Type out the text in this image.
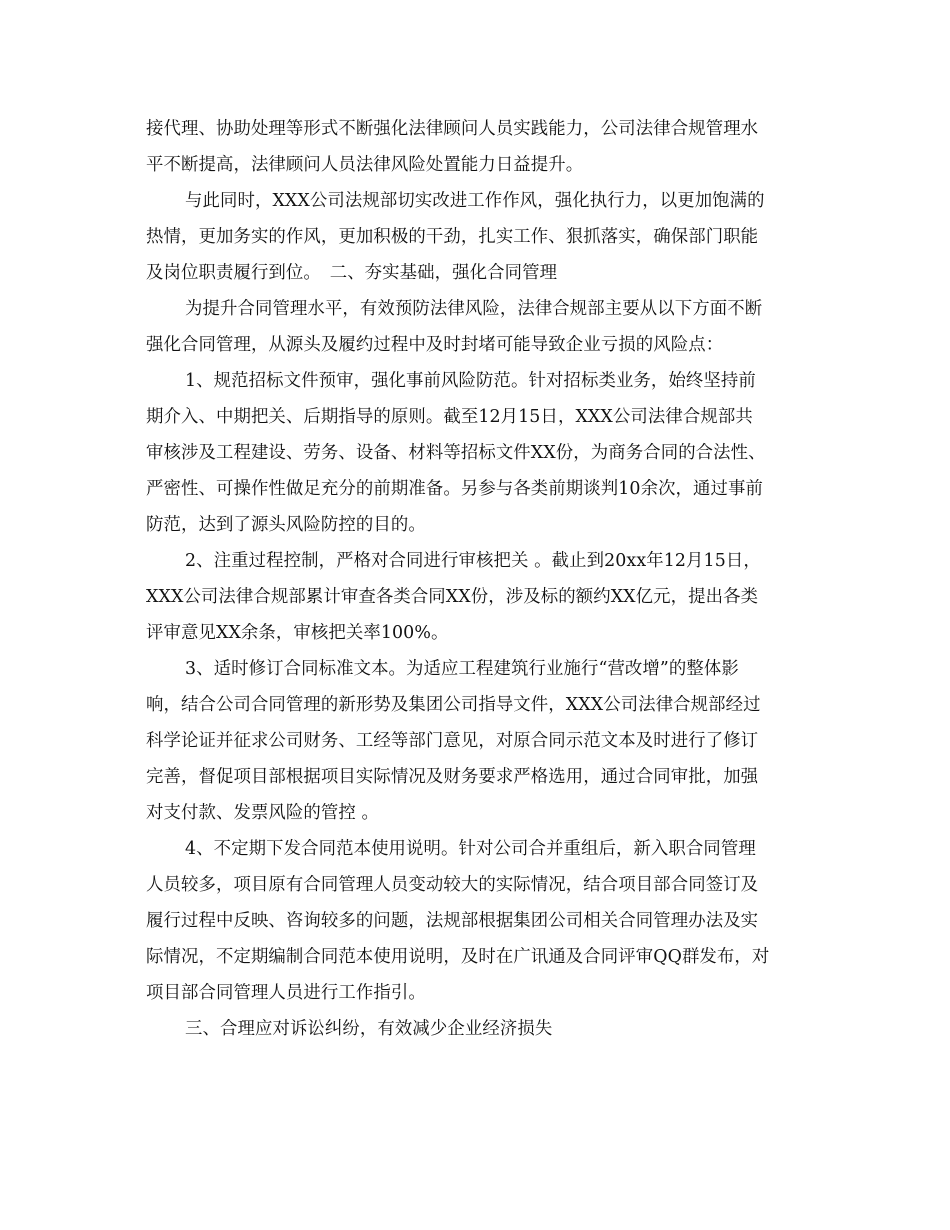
接代理、协助处理等形式不断强化法律顾问人员实践能力，公司法律合规管理水
平不断提高，法律顾问人员法律风险处置能力日益提升。
与此同时，XXX公司法规部切实改进工作作风，强化执行力，以更加饱满的
热情，更加务实的作风，更加积极的干劲，扎实工作、狠抓落实，确保部门职能
及岗位职责履行到位。　二、夯实基础，强化合同管理
为提升合同管理水平，有效预防法律风险，法律合规部主要从以下方面不断
强化合同管理，从源头及履约过程中及时封堵可能导致企业亏损的风险点：
1、规范招标文件预审，强化事前风险防范。针对招标类业务，始终坚持前
期介入、中期把关、后期指导的原则。截至12月15日，XXX公司法律合规部共
审核涉及工程建设、劳务、设备、材料等招标文件XX份，为商务合同的合法性、
严密性、可操作性做足充分的前期准备。另参与各类前期谈判10余次，通过事前
防范，达到了源头风险防控的目的。
2、注重过程控制，严格对合同进行审核把关 。截止到20xx年12月15日，
XXX公司法律合规部累计审查各类合同XX份，涉及标的额约XX亿元，提出各类
评审意见XX余条，审核把关率100%。
3、适时修订合同标准文本。为适应工程建筑行业施行“营改增”的整体影
响，结合公司合同管理的新形势及集团公司指导文件，XXX公司法律合规部经过
科学论证并征求公司财务、工经等部门意见，对原合同示范文本及时进行了修订
完善，督促项目部根据项目实际情况及财务要求严格选用，通过合同审批，加强
对支付款、发票风险的管控 。
4、不定期下发合同范本使用说明。针对公司合并重组后，新入职合同管理
人员较多，项目原有合同管理人员变动较大的实际情况，结合项目部合同签订及
履行过程中反映、咨询较多的问题，法规部根据集团公司相关合同管理办法及实
际情况，不定期编制合同范本使用说明，及时在广讯通及合同评审QQ群发布，对
项目部合同管理人员进行工作指引。
三、合理应对诉讼纠纷，有效减少企业经济损失
